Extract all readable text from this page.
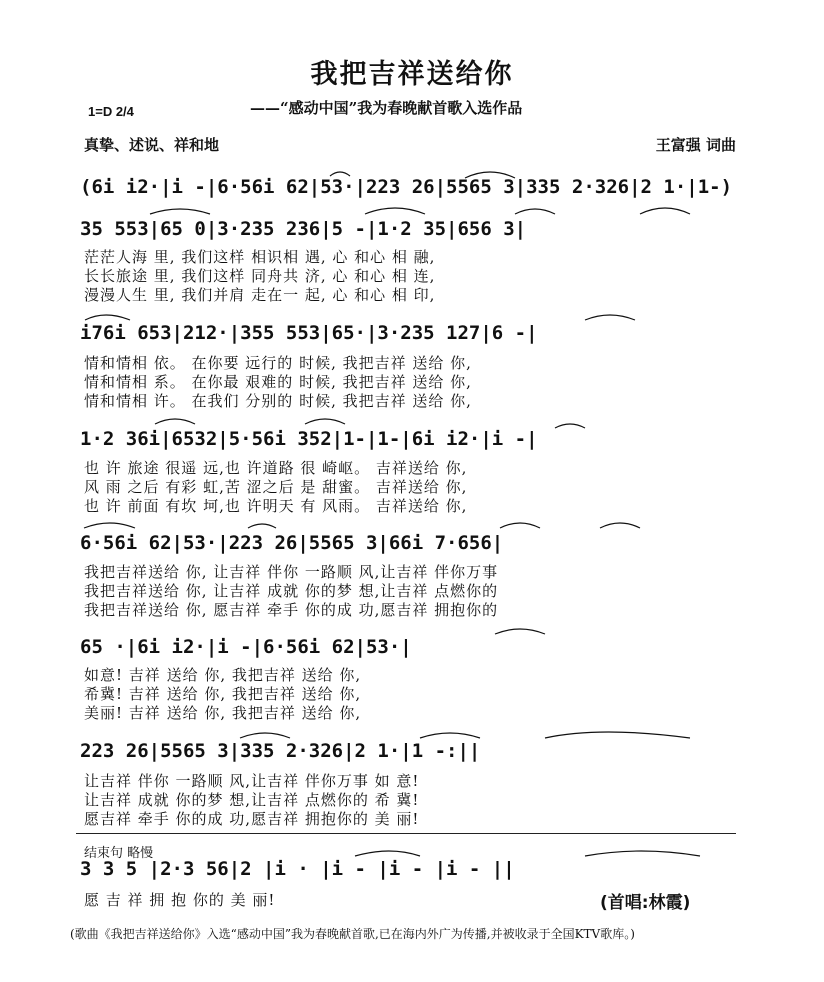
我把吉祥送给你
1=D 2/4	——“感动中国”我为春晚献首歌入选作品
真挚、述说、祥和地	王富强 词曲
(6i i2·|i -|6·56i 62|53·|223 26|5565 3|335 2·326|2 1·|1-)
35 553|65 0|3·235 236|5 -|1·2 35|656 3|
茫茫人海 里, 我们这样 相识相 遇, 心 和心 相 融,
长长旅途 里, 我们这样 同舟共 济, 心 和心 相 连,
漫漫人生 里, 我们并肩 走在一 起, 心 和心 相 印,
i76i 653|212·|355 553|65·|3·235 127|6 -|
情和情相 依。 在你要 远行的 时候, 我把吉祥 送给 你,
情和情相 系。 在你最 艰难的 时候, 我把吉祥 送给 你,
情和情相 许。 在我们 分别的 时候, 我把吉祥 送给 你,
1·2 36i|6532|5·56i 352|1-|1-|6i i2·|i -|
也 许 旅途 很遥 远,也 许道路 很 崎岖。 吉祥送给 你,
风 雨 之后 有彩 虹,苦 涩之后 是 甜蜜。 吉祥送给 你,
也 许 前面 有坎 坷,也 许明天 有 风雨。 吉祥送给 你,
6·56i 62|53·|223 26|5565 3|66i 7·656|
我把吉祥送给 你, 让吉祥 伴你 一路顺 风,让吉祥 伴你万事
我把吉祥送给 你, 让吉祥 成就 你的梦 想,让吉祥 点燃你的
我把吉祥送给 你, 愿吉祥 牵手 你的成 功,愿吉祥 拥抱你的
65 ·|6i i2·|i -|6·56i 62|53·|
如意! 吉祥 送给 你, 我把吉祥 送给 你,
希冀! 吉祥 送给 你, 我把吉祥 送给 你,
美丽! 吉祥 送给 你, 我把吉祥 送给 你,
223 26|5565 3|335 2·326|2 1·|1 -:||
让吉祥 伴你 一路顺 风,让吉祥 伴你万事 如 意!
让吉祥 成就 你的梦 想,让吉祥 点燃你的 希 冀!
愿吉祥 牵手 你的成 功,愿吉祥 拥抱你的 美 丽!
结束句 略慢
3 3 5 |2·3 56|2 |i · |i - |i - |i - ||
愿 吉 祥 拥 抱 你的 美 丽!	(首唱:林霞)
(歌曲《我把吉祥送给你》入选“感动中国”我为春晚献首歌,已在海内外广为传播,并被收录于全国KTV歌库。)
